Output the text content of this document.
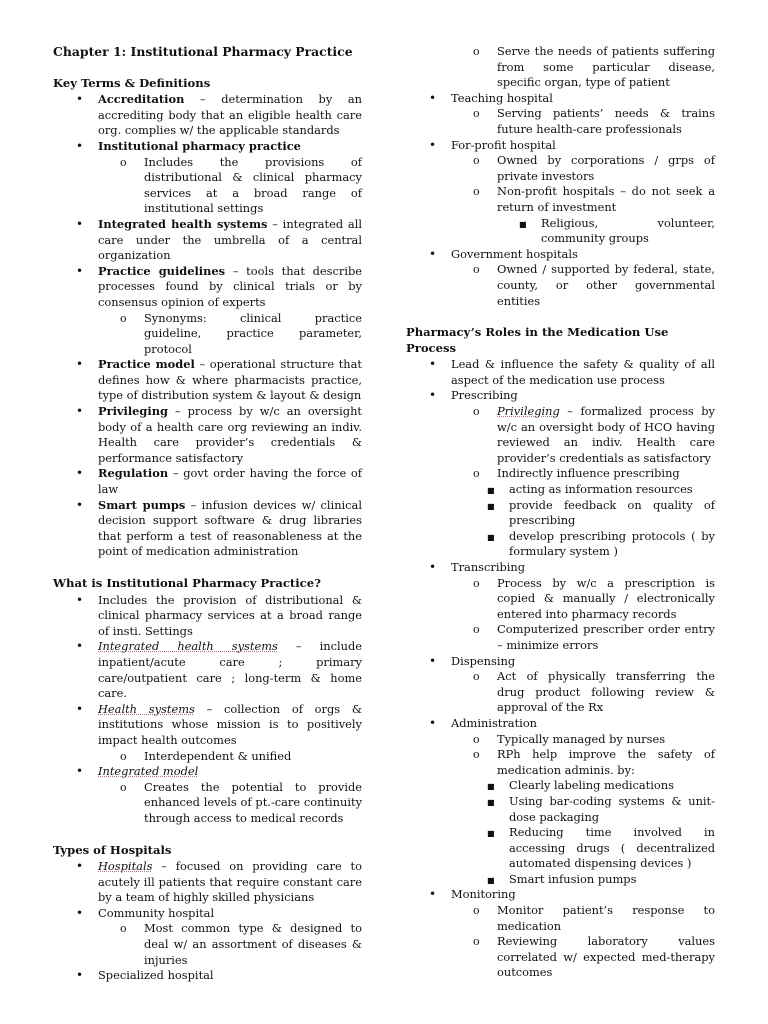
Chapter 1: Institutional Pharmacy Practice
Key Terms & Definitions
• Accreditation – determination by an accrediting body that an eligible health care org. complies w/ the applicable standards
• Institutional pharmacy practice
o Includes the provisions of distributional & clinical pharmacy services at a broad range of institutional settings
• Integrated health systems – integrated all care under the umbrella of a central organization
• Practice guidelines – tools that describe processes found by clinical trials or by consensus opinion of experts
o Synonyms: clinical practice guideline, practice parameter, protocol
• Practice model – operational structure that defines how & where pharmacists practice, type of distribution system & layout & design
• Privileging – process by w/c an oversight body of a health care org reviewing an indiv. Health care provider’s credentials & performance satisfactory
• Regulation – govt order having the force of law
• Smart pumps – infusion devices w/ clinical decision support software & drug libraries that perform a test of reasonableness at the point of medication administration
What is Institutional Pharmacy Practice?
• Includes the provision of distributional & clinical pharmacy services at a broad range of insti. Settings
• Integrated health systems – include inpatient/acute care ; primary care/outpatient care ; long-term & home care.
• Health systems – collection of orgs & institutions whose mission is to positively impact health outcomes
o Interdependent & unified
• Integrated model
o Creates the potential to provide enhanced levels of pt.-care continuity through access to medical records
Types of Hospitals
• Hospitals – focused on providing care to acutely ill patients that require constant care by a team of highly skilled physicians
• Community hospital
o Most common type & designed to deal w/ an assortment of diseases & injuries
• Specialized hospital
o Serve the needs of patients suffering from some particular disease, specific organ, type of patient
• Teaching hospital
o Serving patients’ needs & trains future health-care professionals
• For-profit hospital
o Owned by corporations / grps of private investors
o Non-profit hospitals – do not seek a return of investment
■ Religious, volunteer, community groups
• Government hospitals
o Owned / supported by federal, state, county, or other governmental entities
Pharmacy’s Roles in the Medication Use Process
• Lead & influence the safety & quality of all aspect of the medication use process
• Prescribing
o Privileging – formalized process by w/c an oversight body of HCO having reviewed an indiv. Health care provider’s credentials as satisfactory
o Indirectly influence prescribing
■ acting as information resources
■ provide feedback on quality of prescribing
■ develop prescribing protocols ( by formulary system )
• Transcribing
o Process by w/c a prescription is copied & manually / electronically entered into pharmacy records
o Computerized prescriber order entry – minimize errors
• Dispensing
o Act of physically transferring the drug product following review & approval of the Rx
• Administration
o Typically managed by nurses
o RPh help improve the safety of medication adminis. by:
■ Clearly labeling medications
■ Using bar-coding systems & unit-dose packaging
■ Reducing time involved in accessing drugs ( decentralized automated dispensing devices )
■ Smart infusion pumps
• Monitoring
o Monitor patient’s response to medication
o Reviewing laboratory values correlated w/ expected med-therapy outcomes
